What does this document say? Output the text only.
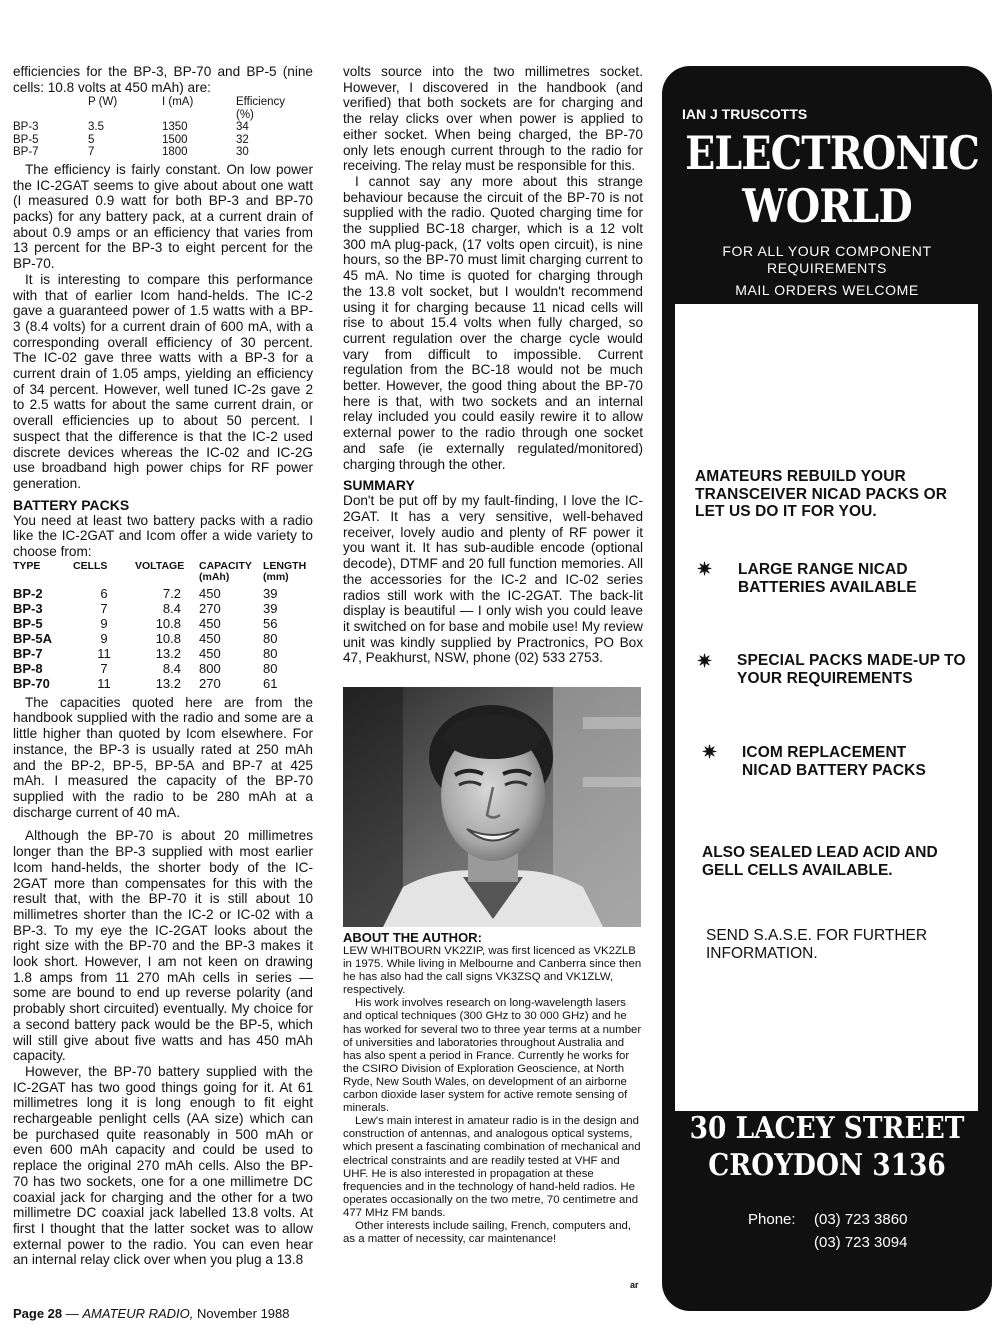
efficiencies for the BP-3, BP-70 and BP-5 (nine cells: 10.8 volts at 450 mAh) are:

	P (W)	I (mA)	Efficiency (%)
BP-3	3.5	1350	34
BP-5	5	1500	32
BP-7	7	1800	30

The efficiency is fairly constant. On low power the IC-2GAT seems to give about about one watt (I measured 0.9 watt for both BP-3 and BP-70 packs) for any battery pack, at a current drain of about 0.9 amps or an efficiency that varies from 13 percent for the BP-3 to eight percent for the BP-70.

It is interesting to compare this performance with that of earlier Icom hand-helds. The IC-2 gave a guaranteed power of 1.5 watts with a BP-3 (8.4 volts) for a current drain of 600 mA, with a corresponding overall efficiency of 30 percent. The IC-02 gave three watts with a BP-3 for a current drain of 1.05 amps, yielding an efficiency of 34 percent. However, well tuned IC-2s gave 2 to 2.5 watts for about the same current drain, or overall efficiencies up to about 50 percent. I suspect that the difference is that the IC-2 used discrete devices whereas the IC-02 and IC-2G use broadband high power chips for RF power generation.

BATTERY PACKS

You need at least two battery packs with a radio like the IC-2GAT and Icom offer a wide variety to choose from:

TYPE	CELLS	VOLTAGE	CAPACITY (mAh)	LENGTH (mm)
BP-2	6	7.2	450	39
BP-3	7	8.4	270	39
BP-5	9	10.8	450	56
BP-5A	9	10.8	450	80
BP-7	11	13.2	450	80
BP-8	7	8.4	800	80
BP-70	11	13.2	270	61

The capacities quoted here are from the handbook supplied with the radio and some are a little higher than quoted by Icom elsewhere. For instance, the BP-3 is usually rated at 250 mAh and the BP-2, BP-5, BP-5A and BP-7 at 425 mAh. I measured the capacity of the BP-70 supplied with the radio to be 280 mAh at a discharge current of 40 mA.

Although the BP-70 is about 20 millimetres longer than the BP-3 supplied with most earlier Icom hand-helds, the shorter body of the IC-2GAT more than compensates for this with the result that, with the BP-70 it is still about 10 millimetres shorter than the IC-2 or IC-02 with a BP-3. To my eye the IC-2GAT looks about the right size with the BP-70 and the BP-3 makes it look short. However, I am not keen on drawing 1.8 amps from 11 270 mAh cells in series — some are bound to end up reverse polarity (and probably short circuited) eventually. My choice for a second battery pack would be the BP-5, which will still give about five watts and has 450 mAh capacity.

However, the BP-70 battery supplied with the IC-2GAT has two good things going for it. At 61 millimetres long it is long enough to fit eight rechargeable penlight cells (AA size) which can be purchased quite reasonably in 500 mAh or even 600 mAh capacity and could be used to replace the original 270 mAh cells. Also the BP-70 has two sockets, one for a one millimetre DC coaxial jack for charging and the other for a two millimetre DC coaxial jack labelled 13.8 volts. At first I thought that the latter socket was to allow external power to the radio. You can even hear an internal relay click over when you plug a 13.8

volts source into the two millimetres socket. However, I discovered in the handbook (and verified) that both sockets are for charging and the relay clicks over when power is applied to either socket. When being charged, the BP-70 only lets enough current through to the radio for receiving. The relay must be responsible for this.

I cannot say any more about this strange behaviour because the circuit of the BP-70 is not supplied with the radio. Quoted charging time for the supplied BC-18 charger, which is a 12 volt 300 mA plug-pack, (17 volts open circuit), is nine hours, so the BP-70 must limit charging current to 45 mA. No time is quoted for charging through the 13.8 volt socket, but I wouldn't recommend using it for charging because 11 nicad cells will rise to about 15.4 volts when fully charged, so current regulation over the charge cycle would vary from difficult to impossible. Current regulation from the BC-18 would not be much better. However, the good thing about the BP-70 here is that, with two sockets and an internal relay included you could easily rewire it to allow external power to the radio through one socket and safe (ie externally regulated/monitored) charging through the other.

SUMMARY

Don't be put off by my fault-finding, I love the IC-2GAT. It has a very sensitive, well-behaved receiver, lovely audio and plenty of RF power it you want it. It has sub-audible encode (optional decode), DTMF and 20 full function memories. All the accessories for the IC-2 and IC-02 series radios still work with the IC-2GAT. The back-lit display is beautiful — I only wish you could leave it switched on for base and mobile use! My review unit was kindly supplied by Practronics, PO Box 47, Peakhurst, NSW, phone (02) 533 2753.

ABOUT THE AUTHOR:

LEW WHITBOURN VK2ZIP, was first licenced as VK2ZLB in 1975. While living in Melbourne and Canberra since then he has also had the call signs VK3ZSQ and VK1ZLW, respectively.

His work involves research on long-wavelength lasers and optical techniques (300 GHz to 30 000 GHz) and he has worked for several two to three year terms at a number of universities and laboratories throughout Australia and has also spent a period in France. Currently he works for the CSIRO Division of Exploration Geoscience, at North Ryde, New South Wales, on development of an airborne carbon dioxide laser system for active remote sensing of minerals.

Lew's main interest in amateur radio is in the design and construction of antennas, and analogous optical systems, which present a fascinating combination of mechanical and electrical constraints and are readily tested at VHF and UHF. He is also interested in propagation at these frequencies and in the technology of hand-held radios. He operates occasionally on the two metre, 70 centimetre and 477 MHz FM bands.

Other interests include sailing, French, computers and, as a matter of necessity, car maintenance!

ar
Page 28 — AMATEUR RADIO, November 1988
IAN J TRUSCOTTS
ELECTRONIC
WORLD
FOR ALL YOUR COMPONENT REQUIREMENTS
MAIL ORDERS WELCOME
AMATEURS REBUILD YOUR TRANSCEIVER NICAD PACKS OR LET US DO IT FOR YOU.
✷ LARGE RANGE NICAD BATTERIES AVAILABLE
✷ SPECIAL PACKS MADE-UP TO YOUR REQUIREMENTS
✷ ICOM REPLACEMENT NICAD BATTERY PACKS
ALSO SEALED LEAD ACID AND GELL CELLS AVAILABLE.
SEND S.A.S.E. FOR FURTHER INFORMATION.
30 LACEY STREET
CROYDON 3136
Phone: (03) 723 3860
(03) 723 3094
